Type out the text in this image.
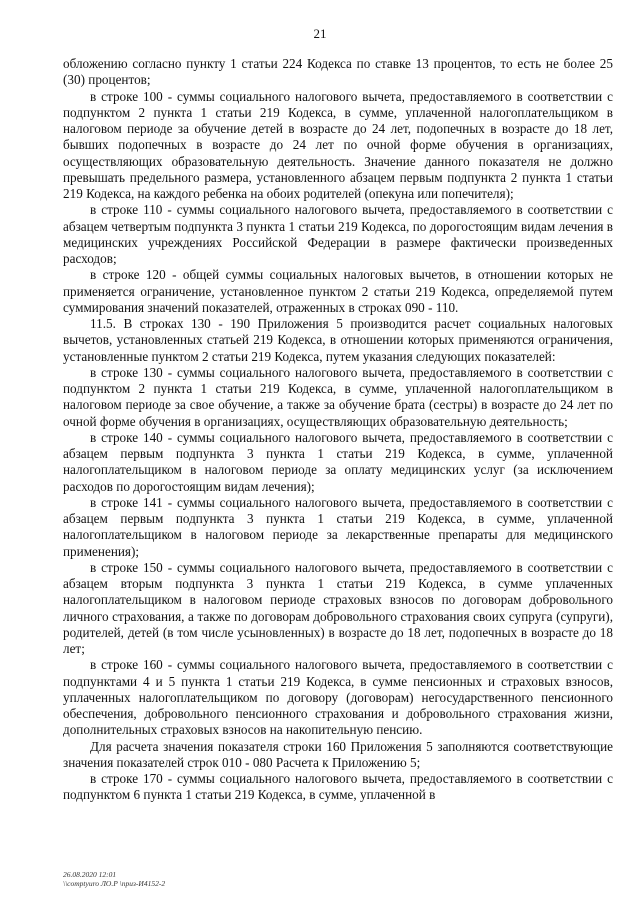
21

обложению согласно пункту 1 статьи 224 Кодекса по ставке 13 процентов, то есть не более 25 (30) процентов;

в строке 100 - суммы социального налогового вычета, предоставляемого в соответствии с подпунктом 2 пункта 1 статьи 219 Кодекса, в сумме, уплаченной налогоплательщиком в налоговом периоде за обучение детей в возрасте до 24 лет, подопечных в возрасте до 18 лет, бывших подопечных в возрасте до 24 лет по очной форме обучения в организациях, осуществляющих образовательную деятельность. Значение данного показателя не должно превышать предельного размера, установленного абзацем первым подпункта 2 пункта 1 статьи 219 Кодекса, на каждого ребенка на обоих родителей (опекуна или попечителя);

в строке 110 - суммы социального налогового вычета, предоставляемого в соответствии с абзацем четвертым подпункта 3 пункта 1 статьи 219 Кодекса, по дорогостоящим видам лечения в медицинских учреждениях Российской Федерации в размере фактически произведенных расходов;

в строке 120 - общей суммы социальных налоговых вычетов, в отношении которых не применяется ограничение, установленное пунктом 2 статьи 219 Кодекса, определяемой путем суммирования значений показателей, отраженных в строках 090 - 110.

11.5. В строках 130 - 190 Приложения 5 производится расчет социальных налоговых вычетов, установленных статьей 219 Кодекса, в отношении которых применяются ограничения, установленные пунктом 2 статьи 219 Кодекса, путем указания следующих показателей:

в строке 130 - суммы социального налогового вычета, предоставляемого в соответствии с подпунктом 2 пункта 1 статьи 219 Кодекса, в сумме, уплаченной налогоплательщиком в налоговом периоде за свое обучение, а также за обучение брата (сестры) в возрасте до 24 лет по очной форме обучения в организациях, осуществляющих образовательную деятельность;

в строке 140 - суммы социального налогового вычета, предоставляемого в соответствии с абзацем первым подпункта 3 пункта 1 статьи 219 Кодекса, в сумме, уплаченной налогоплательщиком в налоговом периоде за оплату медицинских услуг (за исключением расходов по дорогостоящим видам лечения);

в строке 141 - суммы социального налогового вычета, предоставляемого в соответствии с абзацем первым подпункта 3 пункта 1 статьи 219 Кодекса, в сумме, уплаченной налогоплательщиком в налоговом периоде за лекарственные препараты для медицинского применения);

в строке 150 - суммы социального налогового вычета, предоставляемого в соответствии с абзацем вторым подпункта 3 пункта 1 статьи 219 Кодекса, в сумме уплаченных налогоплательщиком в налоговом периоде страховых взносов по договорам добровольного личного страхования, а также по договорам добровольного страхования своих супруга (супруги), родителей, детей (в том числе усыновленных) в возрасте до 18 лет, подопечных в возрасте до 18 лет;

в строке 160 - суммы социального налогового вычета, предоставляемого в соответствии с подпунктами 4 и 5 пункта 1 статьи 219 Кодекса, в сумме пенсионных и страховых взносов, уплаченных налогоплательщиком по договору (договорам) негосударственного пенсионного обеспечения, добровольного пенсионного страхования и добровольного страхования жизни, дополнительных страховых взносов на накопительную пенсию.

Для расчета значения показателя строки 160 Приложения 5 заполняются соответствующие значения показателей строк 010 - 080 Расчета к Приложению 5;

в строке 170 - суммы социального налогового вычета, предоставляемого в соответствии с подпунктом 6 пункта 1 статьи 219 Кодекса, в сумме, уплаченной в

26.08.2020 12:01
\\comptyuro ЛО.Р \приз-И4152-2
